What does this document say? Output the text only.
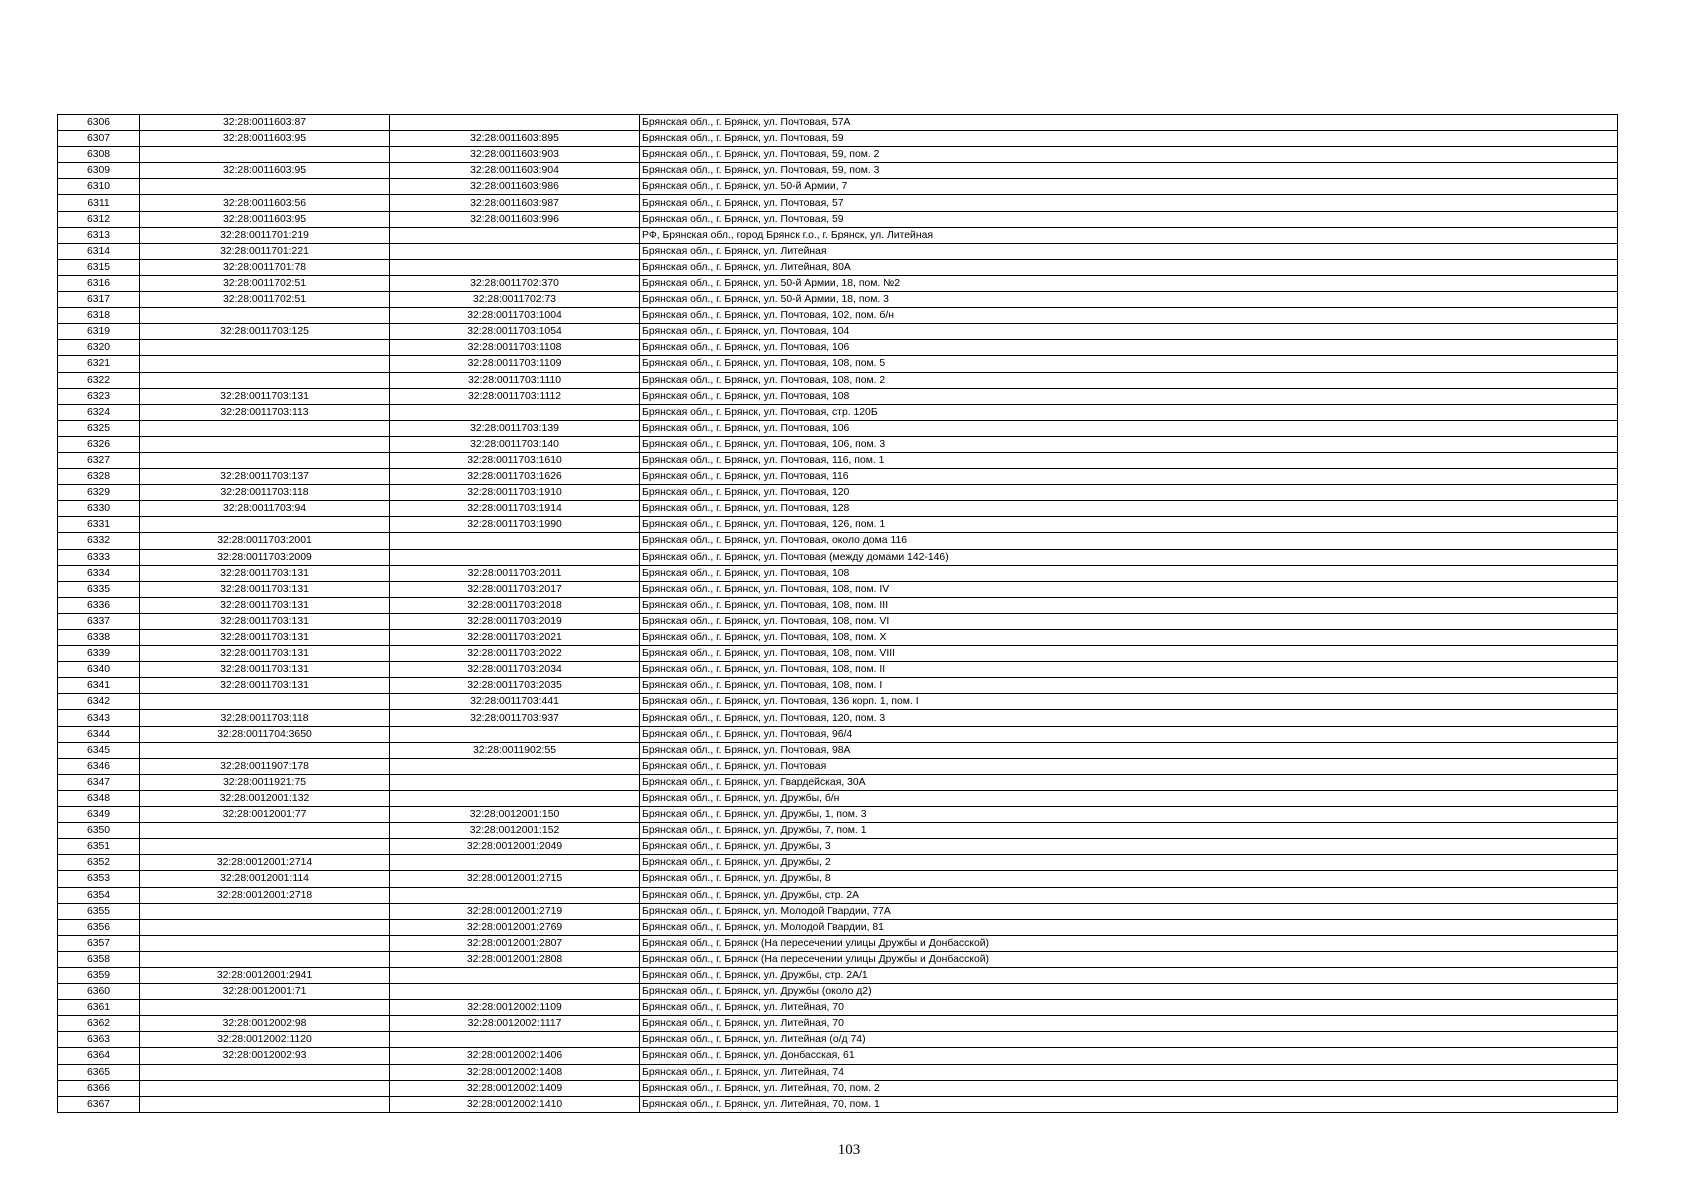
6306	32:28:0011603:87		Брянская обл., г. Брянск, ул. Почтовая, 57А
6307	32:28:0011603:95	32:28:0011603:895	Брянская обл., г. Брянск, ул. Почтовая, 59
6308		32:28:0011603:903	Брянская обл., г. Брянск, ул. Почтовая, 59, пом. 2
6309	32:28:0011603:95	32:28:0011603:904	Брянская обл., г. Брянск, ул. Почтовая, 59, пом. 3
6310		32:28:0011603:986	Брянская обл., г. Брянск, ул. 50-й Армии, 7
6311	32:28:0011603:56	32:28:0011603:987	Брянская обл., г. Брянск, ул. Почтовая, 57
6312	32:28:0011603:95	32:28:0011603:996	Брянская обл., г. Брянск, ул. Почтовая, 59
6313	32:28:0011701:219		РФ, Брянская обл., город Брянск г.о., г. Брянск, ул. Литейная
6314	32:28:0011701:221		Брянская обл., г. Брянск, ул. Литейная
6315	32:28:0011701:78		Брянская обл., г. Брянск, ул. Литейная, 80А
6316	32:28:0011702:51	32:28:0011702:370	Брянская обл., г. Брянск, ул. 50-й Армии, 18, пом. №2
6317	32:28:0011702:51	32:28:0011702:73	Брянская обл., г. Брянск, ул. 50-й Армии, 18, пом. 3
6318		32:28:0011703:1004	Брянская обл., г. Брянск, ул. Почтовая, 102, пом. б/н
6319	32:28:0011703:125	32:28:0011703:1054	Брянская обл., г. Брянск, ул. Почтовая, 104
6320		32:28:0011703:1108	Брянская обл., г. Брянск, ул. Почтовая, 106
6321		32:28:0011703:1109	Брянская обл., г. Брянск, ул. Почтовая, 108, пом. 5
6322		32:28:0011703:1110	Брянская обл., г. Брянск, ул. Почтовая, 108, пом. 2
6323	32:28:0011703:131	32:28:0011703:1112	Брянская обл., г. Брянск, ул. Почтовая, 108
6324	32:28:0011703:113		Брянская обл., г. Брянск, ул. Почтовая, стр. 120Б
6325		32:28:0011703:139	Брянская обл., г. Брянск, ул. Почтовая, 106
6326		32:28:0011703:140	Брянская обл., г. Брянск, ул. Почтовая, 106, пом. 3
6327		32:28:0011703:1610	Брянская обл., г. Брянск, ул. Почтовая, 116, пом. 1
6328	32:28:0011703:137	32:28:0011703:1626	Брянская обл., г. Брянск, ул. Почтовая, 116
6329	32:28:0011703:118	32:28:0011703:1910	Брянская обл., г. Брянск, ул. Почтовая, 120
6330	32:28:0011703:94	32:28:0011703:1914	Брянская обл., г. Брянск, ул. Почтовая, 128
6331		32:28:0011703:1990	Брянская обл., г. Брянск, ул. Почтовая, 126, пом. 1
6332	32:28:0011703:2001		Брянская обл., г. Брянск, ул. Почтовая, около дома 116
6333	32:28:0011703:2009		Брянская обл., г. Брянск, ул. Почтовая (между домами 142-146)
6334	32:28:0011703:131	32:28:0011703:2011	Брянская обл., г. Брянск, ул. Почтовая, 108
6335	32:28:0011703:131	32:28:0011703:2017	Брянская обл., г. Брянск, ул. Почтовая, 108, пом. IV
6336	32:28:0011703:131	32:28:0011703:2018	Брянская обл., г. Брянск, ул. Почтовая, 108, пом. III
6337	32:28:0011703:131	32:28:0011703:2019	Брянская обл., г. Брянск, ул. Почтовая, 108, пом. VI
6338	32:28:0011703:131	32:28:0011703:2021	Брянская обл., г. Брянск, ул. Почтовая, 108, пом. Х
6339	32:28:0011703:131	32:28:0011703:2022	Брянская обл., г. Брянск, ул. Почтовая, 108, пом. VIII
6340	32:28:0011703:131	32:28:0011703:2034	Брянская обл., г. Брянск, ул. Почтовая, 108, пом. II
6341	32:28:0011703:131	32:28:0011703:2035	Брянская обл., г. Брянск, ул. Почтовая, 108, пом. I
6342		32:28:0011703:441	Брянская обл., г. Брянск, ул. Почтовая, 136 корп. 1, пом. I
6343	32:28:0011703:118	32:28:0011703:937	Брянская обл., г. Брянск, ул. Почтовая, 120, пом. 3
6344	32:28:0011704:3650		Брянская обл., г. Брянск, ул. Почтовая, 96/4
6345		32:28:0011902:55	Брянская обл., г. Брянск, ул. Почтовая, 98А
6346	32:28:0011907:178		Брянская обл., г. Брянск, ул. Почтовая
6347	32:28:0011921:75		Брянская обл., г. Брянск, ул. Гвардейская, 30А
6348	32:28:0012001:132		Брянская обл., г. Брянск, ул. Дружбы, б/н
6349	32:28:0012001:77	32:28:0012001:150	Брянская обл., г. Брянск, ул. Дружбы, 1, пом. 3
6350		32:28:0012001:152	Брянская обл., г. Брянск, ул. Дружбы, 7, пом. 1
6351		32:28:0012001:2049	Брянская обл., г. Брянск, ул. Дружбы, 3
6352	32:28:0012001:2714		Брянская обл., г. Брянск, ул. Дружбы, 2
6353	32:28:0012001:114	32:28:0012001:2715	Брянская обл., г. Брянск, ул. Дружбы, 8
6354	32:28:0012001:2718		Брянская обл., г. Брянск, ул. Дружбы, стр. 2А
6355		32:28:0012001:2719	Брянская обл., г. Брянск, ул. Молодой Гвардии, 77А
6356		32:28:0012001:2769	Брянская обл., г. Брянск, ул. Молодой Гвардии, 81
6357		32:28:0012001:2807	Брянская обл., г. Брянск (На пересечении улицы Дружбы и Донбасской)
6358		32:28:0012001:2808	Брянская обл., г. Брянск (На пересечении улицы Дружбы и Донбасской)
6359	32:28:0012001:2941		Брянская обл., г. Брянск, ул. Дружбы, стр. 2А/1
6360	32:28:0012001:71		Брянская обл., г. Брянск, ул. Дружбы (около д2)
6361		32:28:0012002:1109	Брянская обл., г. Брянск, ул. Литейная, 70
6362	32:28:0012002:98	32:28:0012002:1117	Брянская обл., г. Брянск, ул. Литейная, 70
6363	32:28:0012002:1120		Брянская обл., г. Брянск, ул. Литейная (о/д 74)
6364	32:28:0012002:93	32:28:0012002:1406	Брянская обл., г. Брянск, ул. Донбасская, 61
6365		32:28:0012002:1408	Брянская обл., г. Брянск, ул. Литейная, 74
6366		32:28:0012002:1409	Брянская обл., г. Брянск, ул. Литейная, 70, пом. 2
6367		32:28:0012002:1410	Брянская обл., г. Брянск, ул. Литейная, 70, пом. 1
103
